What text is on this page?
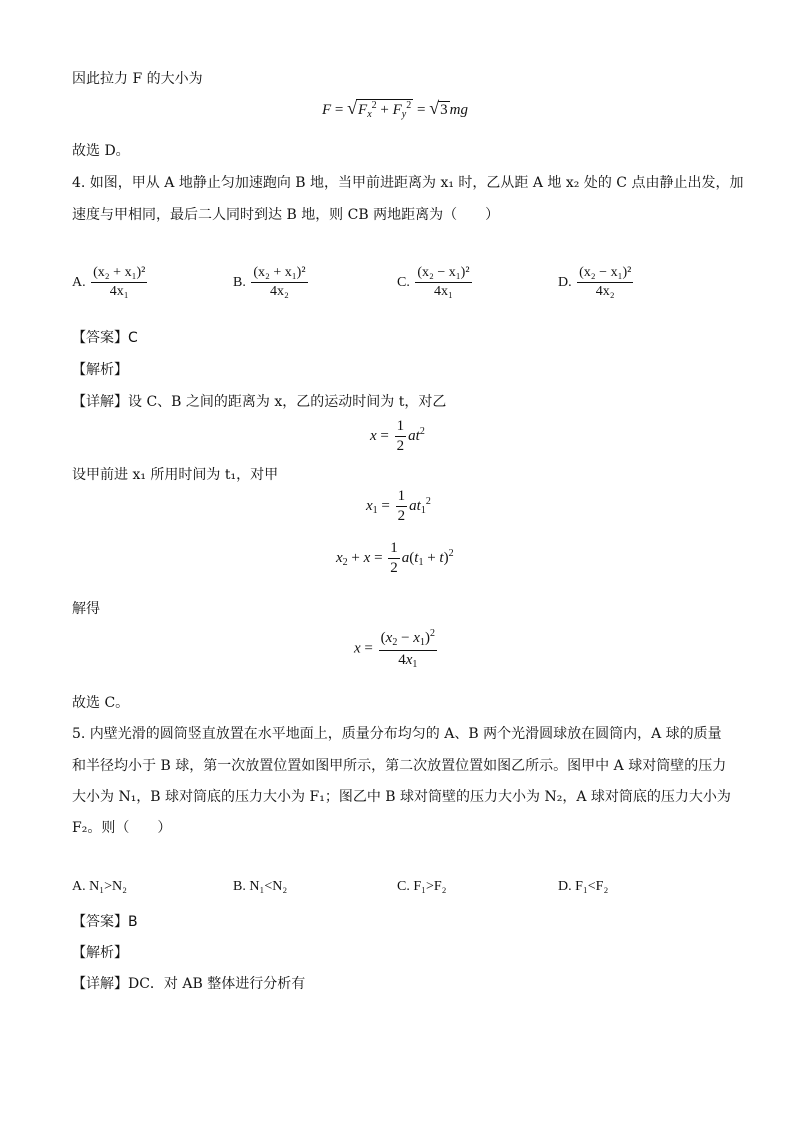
因此拉力 F 的大小为
$F = √F_x^2 + F_y^2 = √3$ mg
故选 D。
4. 如图，甲从 A 地静止匀加速跑向 B 地，当甲前进距离为 x₁ 时，乙从距 A 地 x₂ 处的 C 点由静止出发，加
速度与甲相同，最后二人同时到达 B 地，则 CB 两地距离为（　　）
A. $\frac{\text{(x₂ + x₁)²}}{\text{4x₁}}$	B. $\frac{\text{(x₂ + x₁)²}}{\text{4x₂}}$	C. $\frac{\text{(x₂ − x₁)²}}{\text{4x₁}}$	D. $\frac{\text{(x₂ − x₁)²}}{\text{4x₂}}$
【答案】C
【解析】
【详解】设 C、B 之间的距离为 x，乙的运动时间为 t，对乙
$x = \frac{1}{2} at^2$
设甲前进 x₁ 所用时间为 t₁，对甲
$x_1 = \frac{1}{2} at_1^2$
$x_2 + x = \frac{1}{2} a(t_1 + t)^2$
解得
$x = \frac{(x_2 - x_1)^2}{4x_1}$
故选 C。
5. 内壁光滑的圆筒竖直放置在水平地面上，质量分布均匀的 A、B 两个光滑圆球放在圆筒内，A 球的质量
和半径均小于 B 球，第一次放置位置如图甲所示，第二次放置位置如图乙所示。图甲中 A 球对筒壁的压力
大小为 N₁，B 球对筒底的压力大小为 F₁；图乙中 B 球对筒壁的压力大小为 N₂，A 球对筒底的压力大小为
F₂。则（　　）
A. N₁>N₂	B. N₁<N₂	C. F₁>F₂	D. F₁<F₂
【答案】B
【解析】
【详解】DC．对 AB 整体进行分析有
